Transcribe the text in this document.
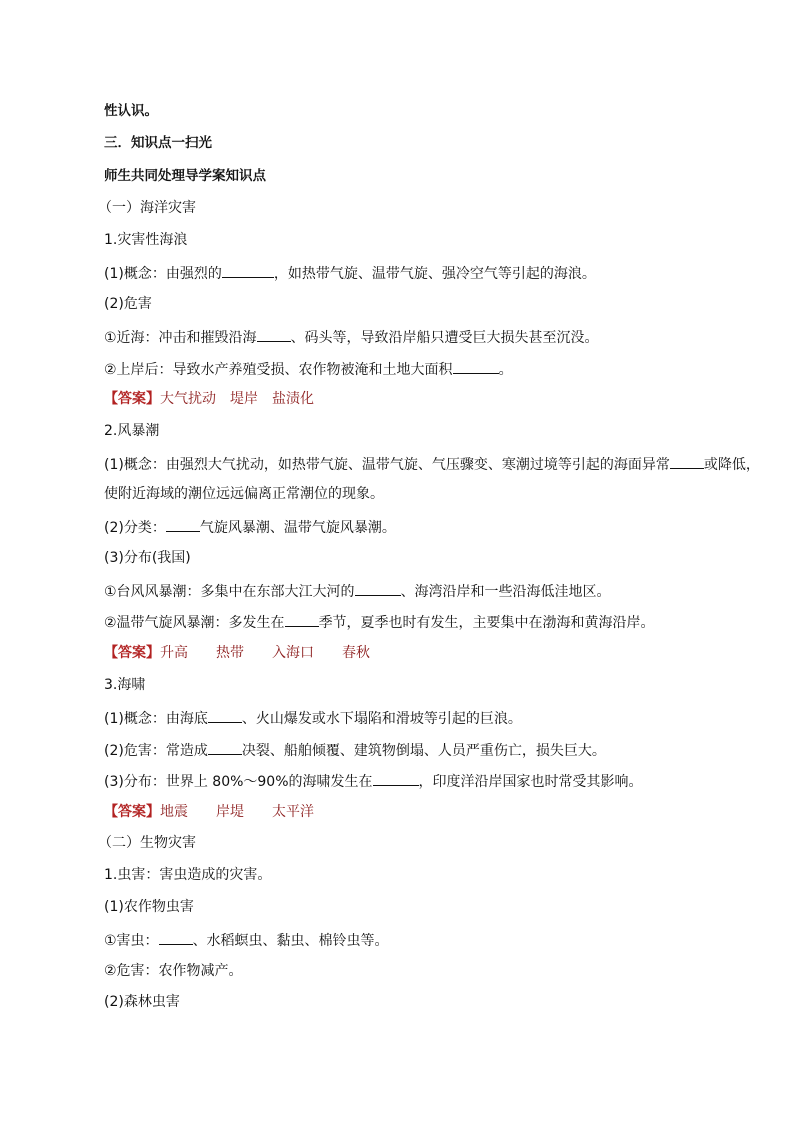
性认识。
三．知识点一扫光
师生共同处理导学案知识点
（一）海洋灾害
1.灾害性海浪
(1)概念：由强烈的	，如热带气旋、温带气旋、强冷空气等引起的海浪。
(2)危害
①近海：冲击和摧毁沿海 、码头等，导致沿岸船只遭受巨大损失甚至沉没。
②上岸后：导致水产养殖受损、农作物被淹和土地大面积	。
【答案】大气扰动 堤岸 盐渍化
2.风暴潮
(1)概念：由强烈大气扰动，如热带气旋、温带气旋、气压骤变、寒潮过境等引起的海面异常 或降低，
使附近海域的潮位远远偏离正常潮位的现象。
(2)分类： 气旋风暴潮、温带气旋风暴潮。
(3)分布(我国)
①台风风暴潮：多集中在东部大江大河的	、海湾沿岸和一些沿海低洼地区。
②温带气旋风暴潮：多发生在 季节，夏季也时有发生，主要集中在渤海和黄海沿岸。
【答案】升高 热带 入海口 春秋
3.海啸
(1)概念：由海底 、火山爆发或水下塌陷和滑坡等引起的巨浪。
(2)危害：常造成 决裂、船舶倾覆、建筑物倒塌、人员严重伤亡，损失巨大。
(3)分布：世界上 80%～90%的海啸发生在	，印度洋沿岸国家也时常受其影响。
【答案】地震 岸堤 太平洋
（二）生物灾害
1.虫害：害虫造成的灾害。
(1)农作物虫害
①害虫： 、水稻螟虫、黏虫、棉铃虫等。
②危害：农作物减产。
(2)森林虫害
